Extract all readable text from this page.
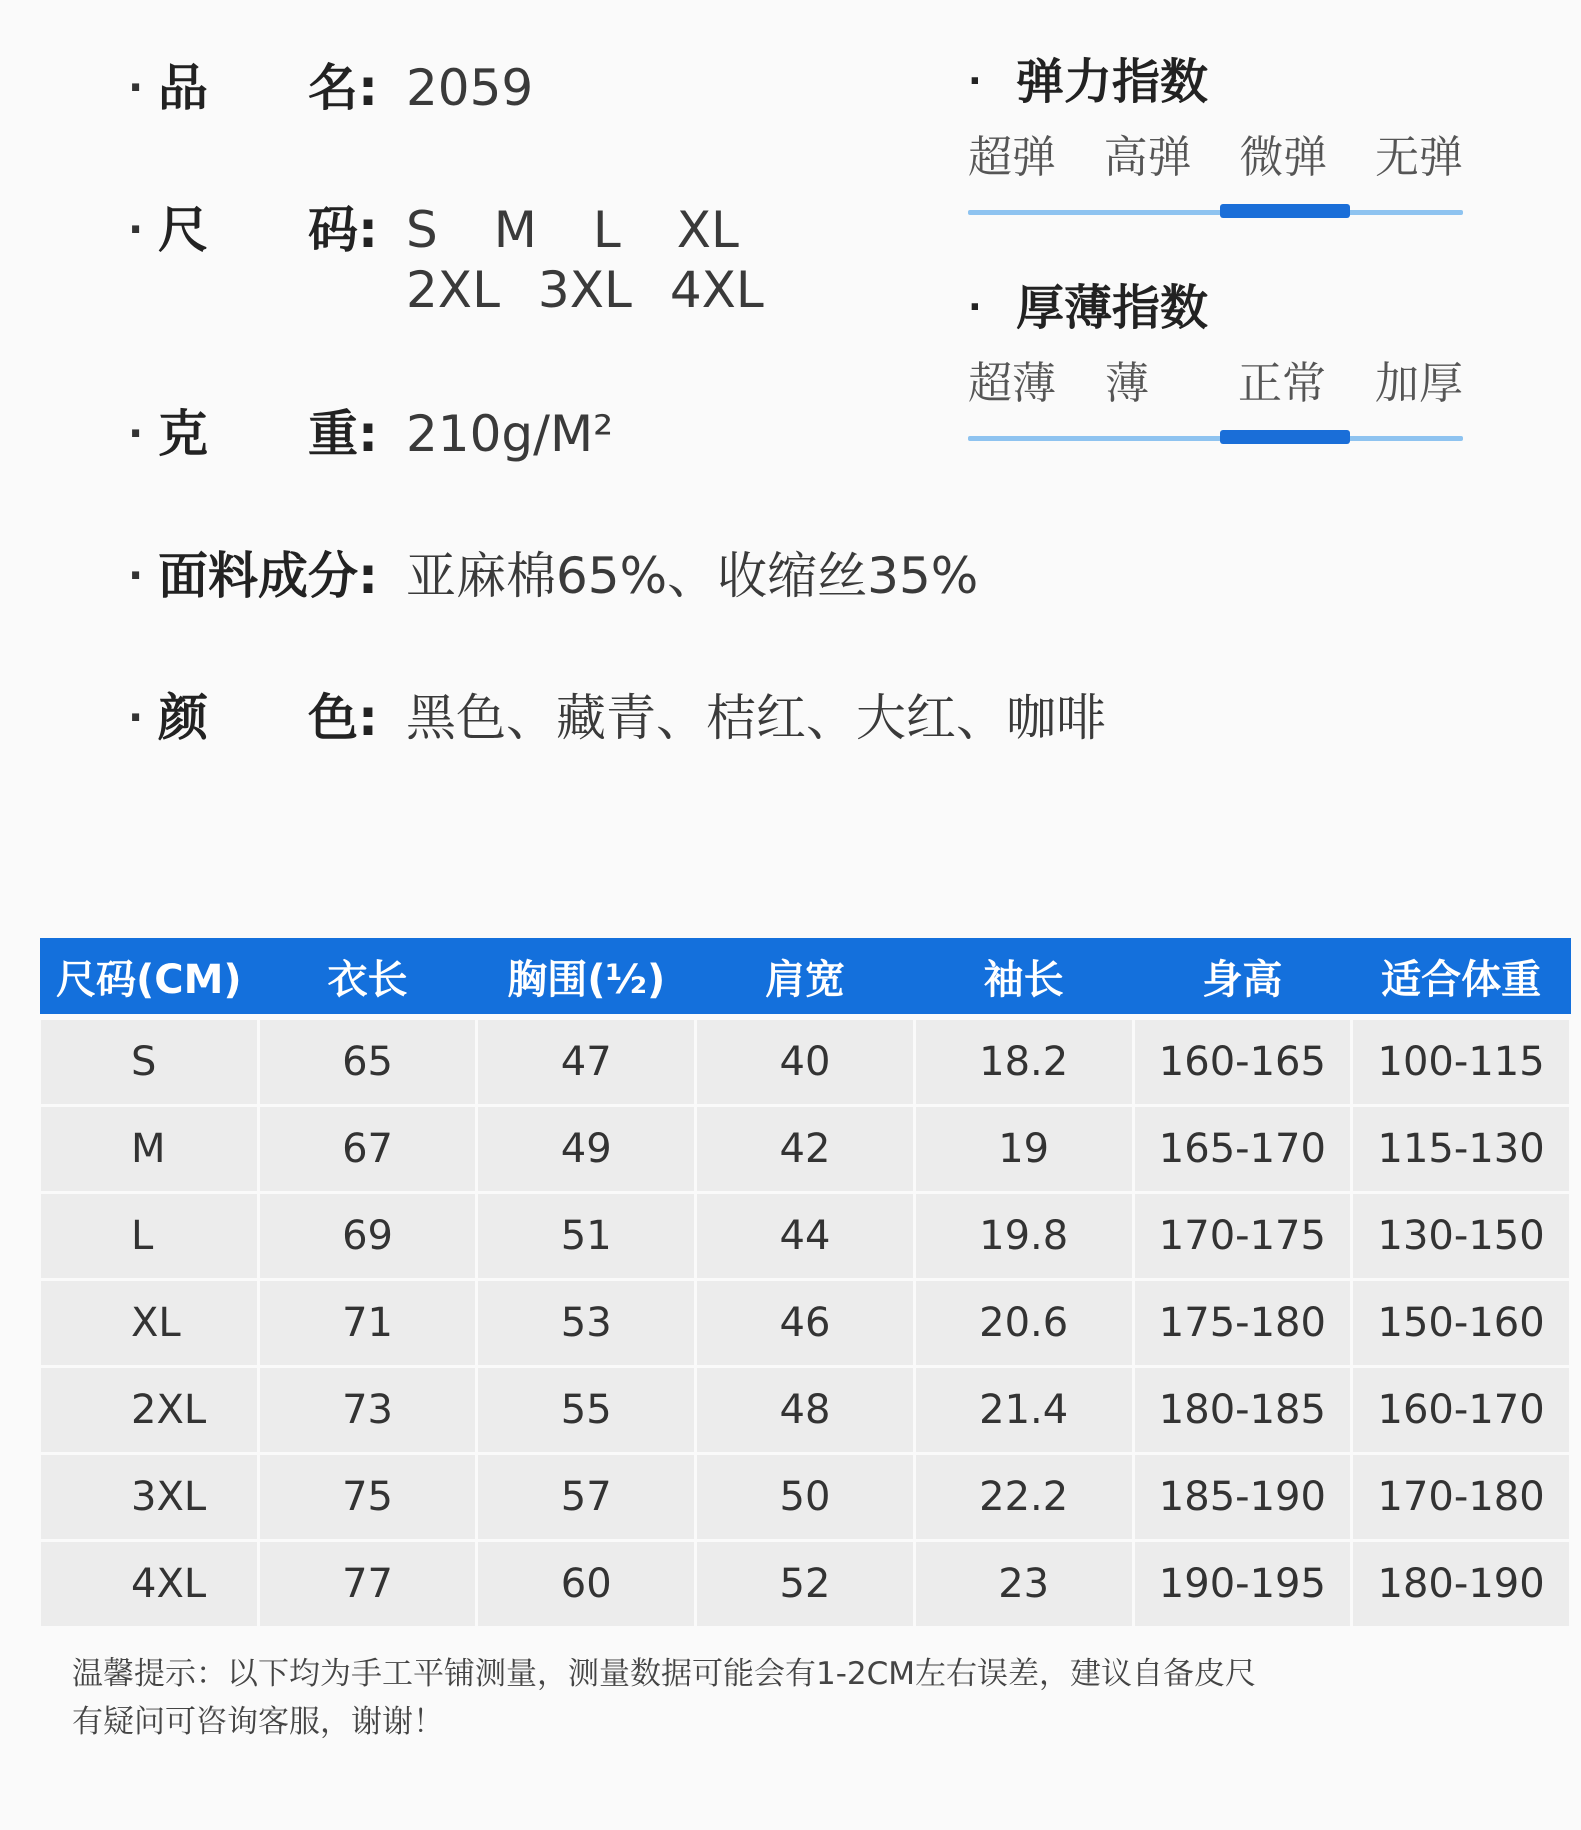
· 品 名: 2059
· 尺 码: S M L XL
2XL 3XL 4XL
· 克 重: 210g/M²
· 面料成分: 亚麻棉65%、收缩丝35%
· 颜 色: 黑色、藏青、桔红、大红、咖啡
· 弹力指数
超弹 高弹 微弹 无弹
· 厚薄指数
超薄 薄 正常 加厚
尺码(CM)	衣长	胸围(½)	肩宽	袖长	身高	适合体重
S	65	47	40	18.2	160-165	100-115
M	67	49	42	19	165-170	115-130
L	69	51	44	19.8	170-175	130-150
XL	71	53	46	20.6	175-180	150-160
2XL	73	55	48	21.4	180-185	160-170
3XL	75	57	50	22.2	185-190	170-180
4XL	77	60	52	23	190-195	180-190
温馨提示：以下均为手工平铺测量，测量数据可能会有1-2CM左右误差，建议自备皮尺
有疑问可咨询客服，谢谢！
